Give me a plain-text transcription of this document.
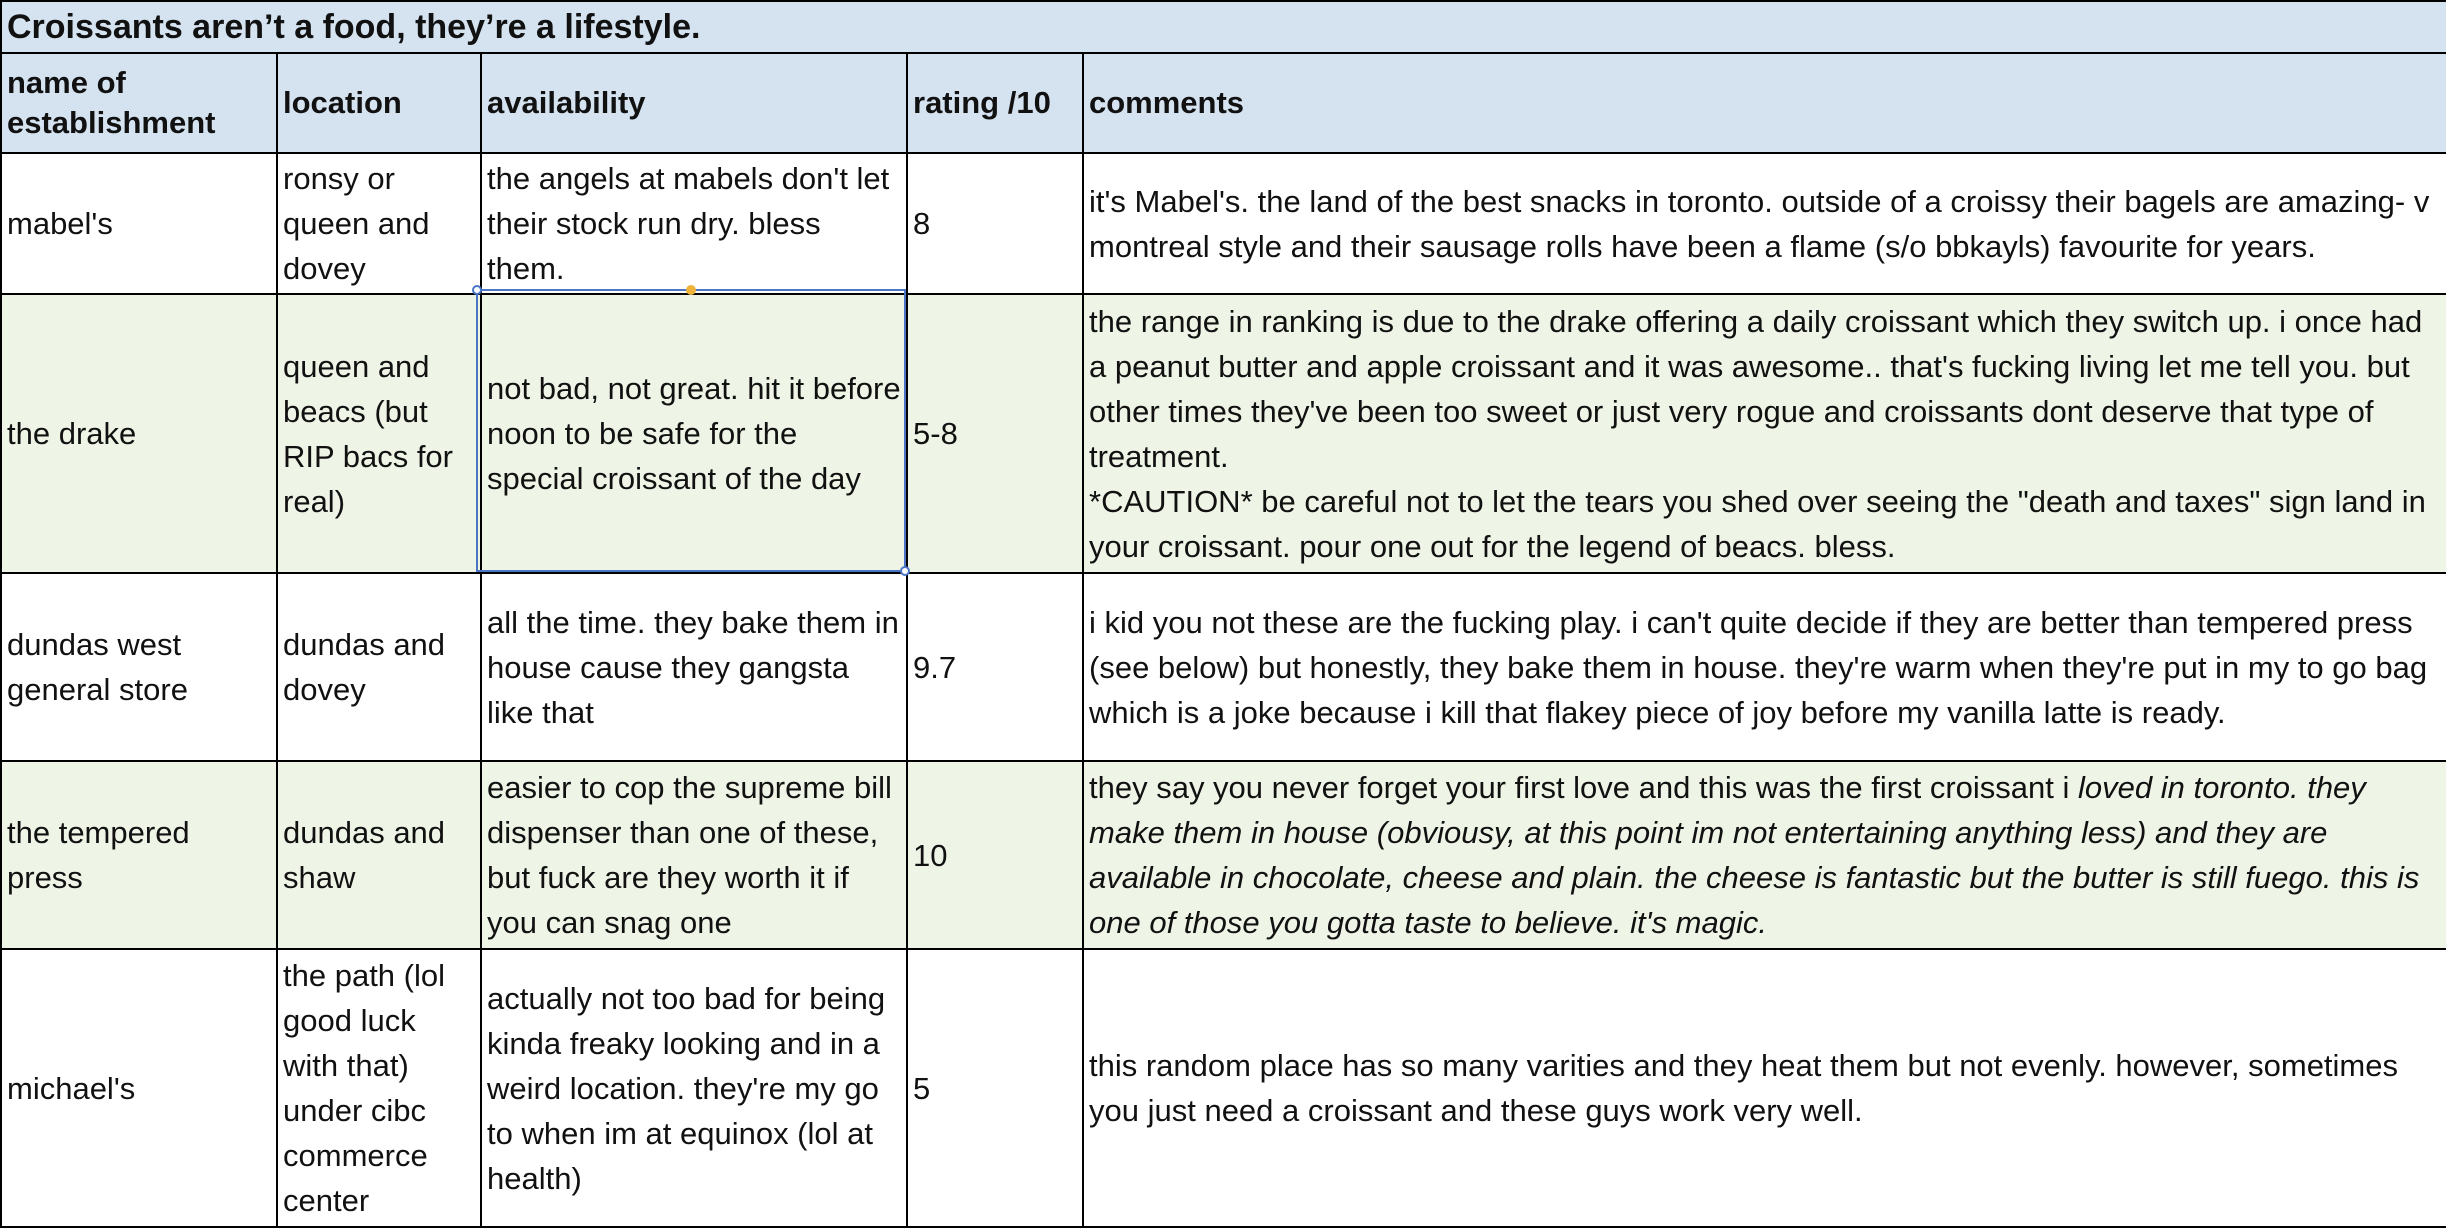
Croissants aren’t a food, they’re a lifestyle.				
name of establishment	location	availability	rating /10	comments
mabel's	ronsy or queen and dovey	the angels at mabels don't let their stock run dry. bless them.	8	it's Mabel's. the land of the best snacks in toronto. outside of a croissy their bagels are amazing- v montreal style and their sausage rolls have been a flame (s/o bbkayls) favourite for years.
the drake	queen and beacs (but RIP bacs for real)	not bad, not great. hit it before noon to be safe for the special croissant of the day	5-8	the range in ranking is due to the drake offering a daily croissant which they switch up. i once had a peanut butter and apple croissant and it was awesome.. that's fucking living let me tell you. but other times they've been too sweet or just very rogue and croissants dont deserve that type of treatment.
*CAUTION* be careful not to let the tears you shed over seeing the "death and taxes" sign land in your croissant. pour one out for the legend of beacs. bless.

dundas west general store	dundas and dovey	all the time. they bake them in house cause they gangsta like that	9.7	i kid you not these are the fucking play. i can't quite decide if they are better than tempered press (see below) but honestly, they bake them in house. they're warm when they're put in my to go bag which is a joke because i kill that flakey piece of joy before my vanilla latte is ready.
the tempered press	dundas and shaw	easier to cop the supreme bill dispenser than one of these, but fuck are they worth it if you can snag one	10	they say you never forget your first love and this was the first croissant i loved in toronto. they make them in house (obviousy, at this point im not entertaining anything less) and they are available in chocolate, cheese and plain. the cheese is fantastic but the butter is still fuego. this is one of those you gotta taste to believe. it's magic.
michael's	the path (lol good luck with that) under cibc commerce center	actually not too bad for being kinda freaky looking and in a weird location. they're my go to when im at equinox (lol at health)	5	this random place has so many varities and they heat them but not evenly. however, sometimes you just need a croissant and these guys work very well.
